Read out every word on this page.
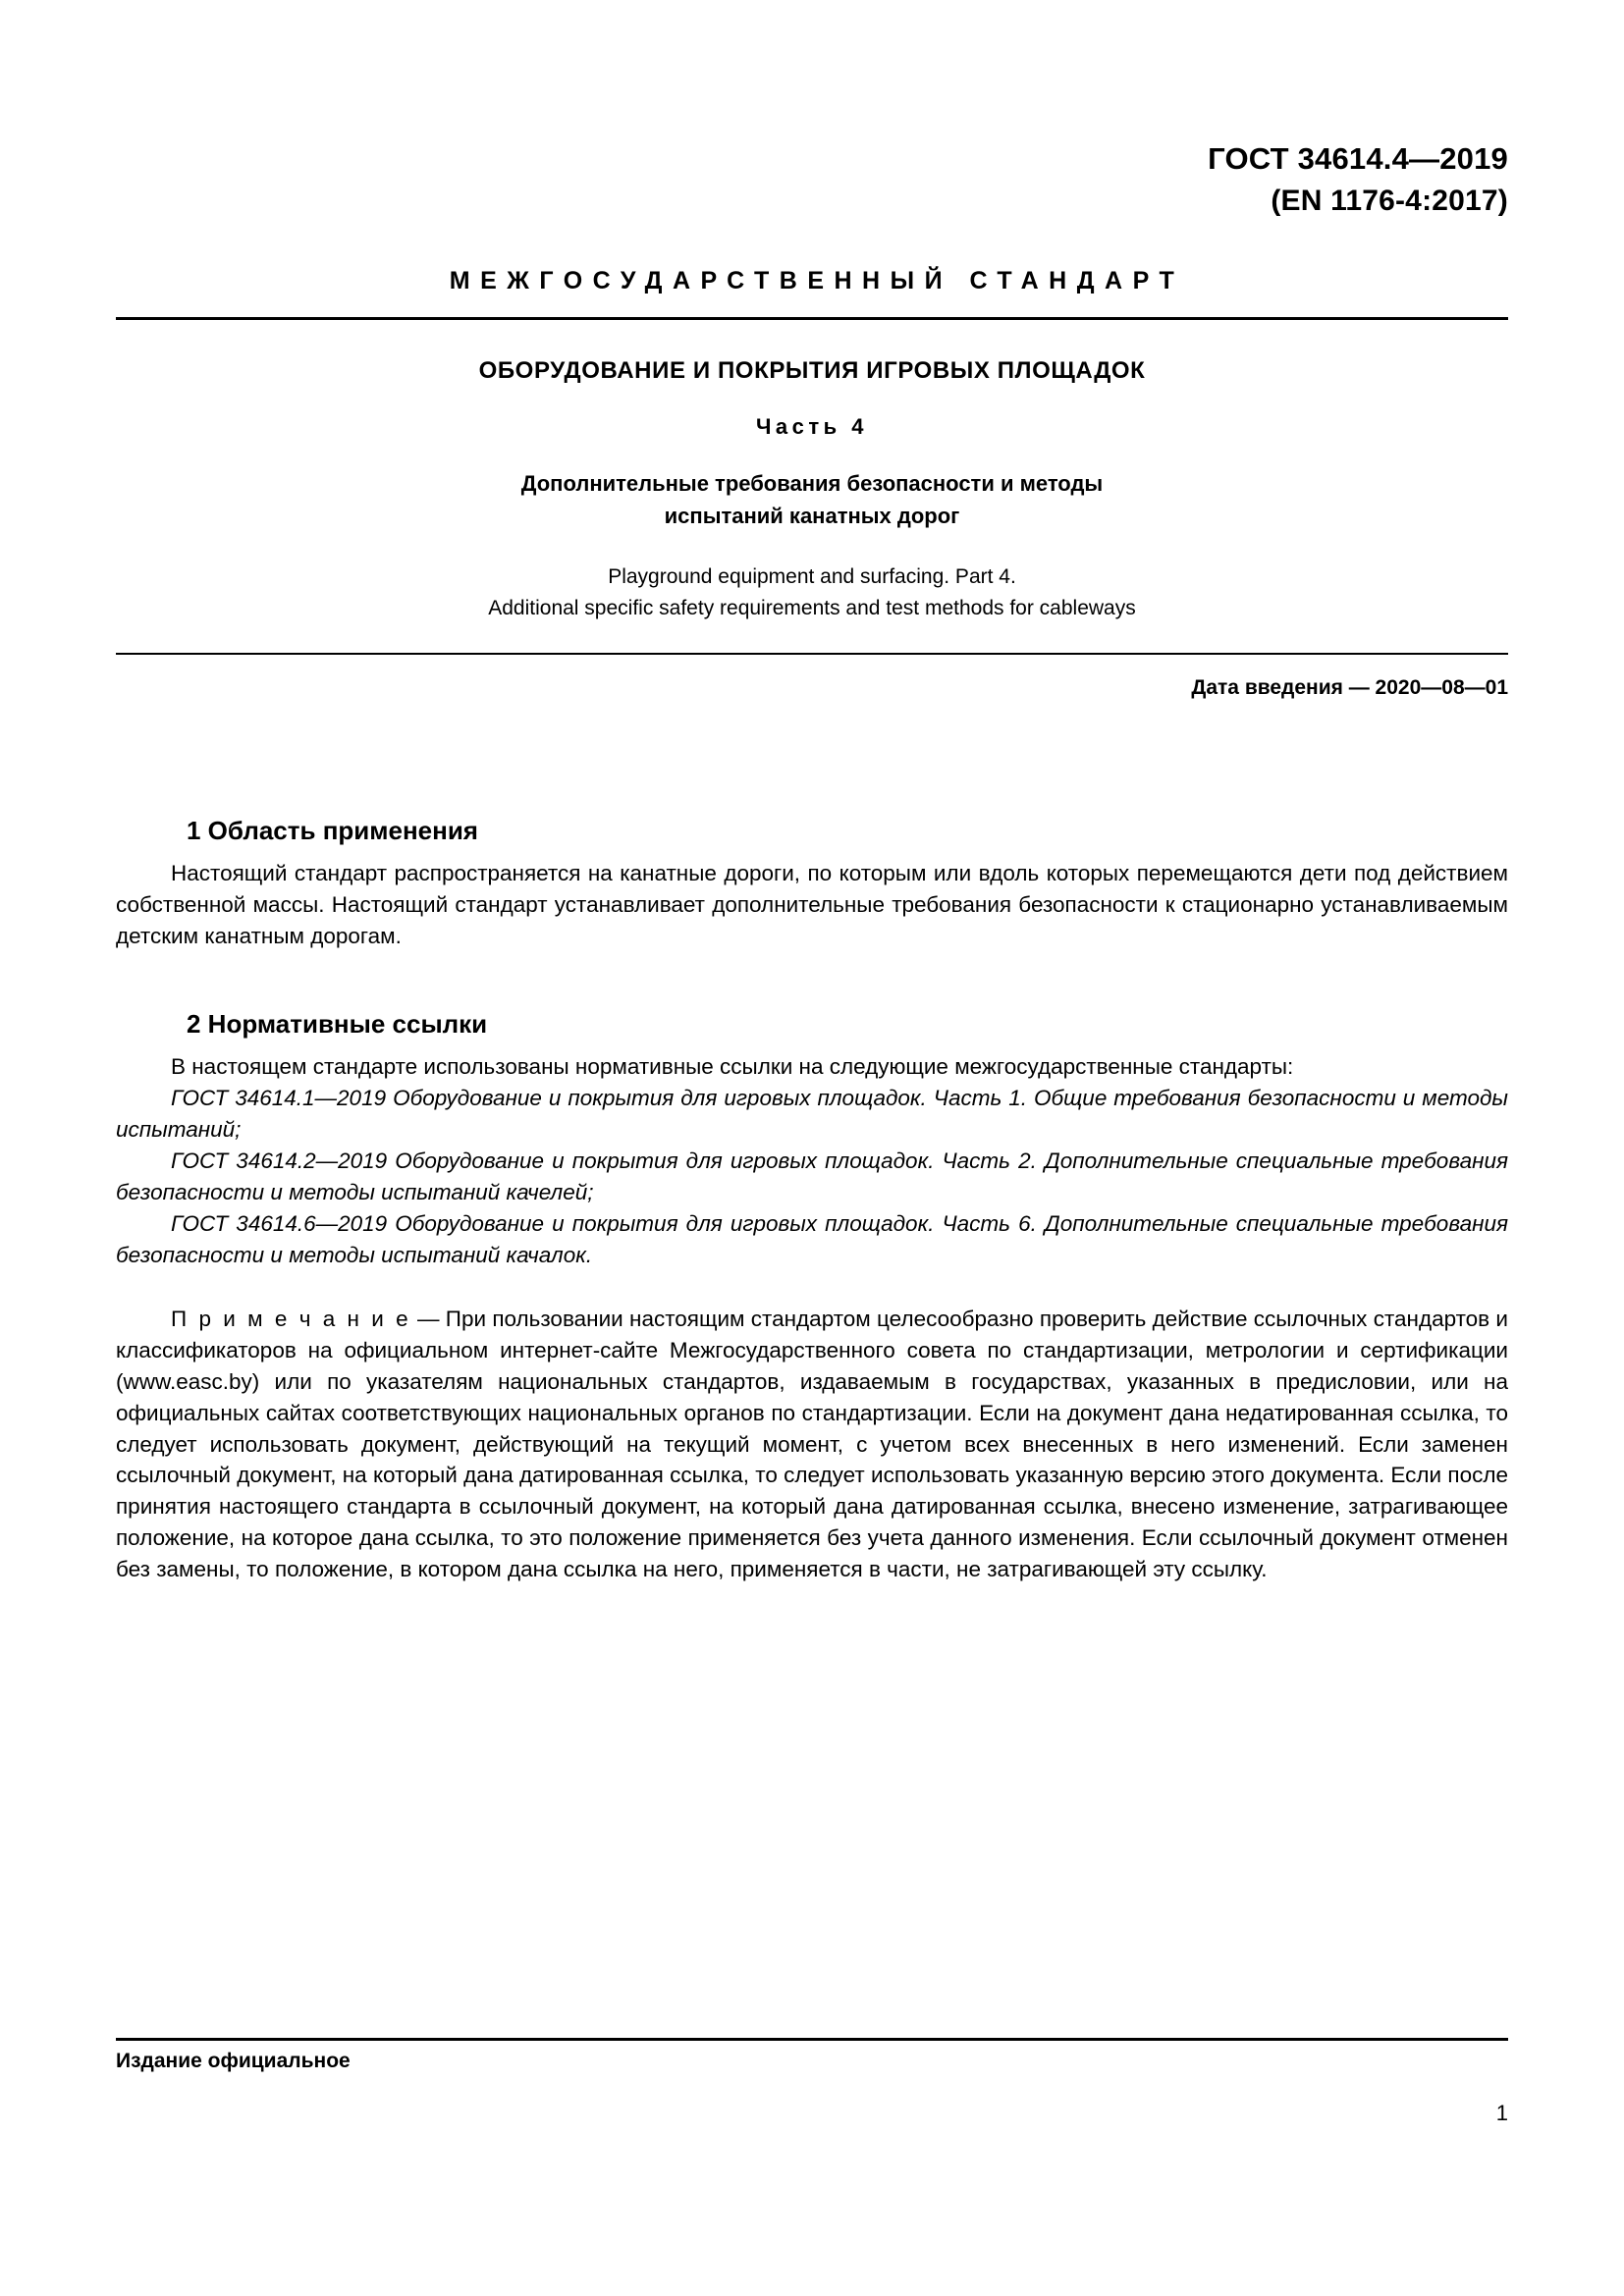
ГОСТ 34614.4—2019
(EN 1176-4:2017)
МЕЖГОСУДАРСТВЕННЫЙ СТАНДАРТ
ОБОРУДОВАНИЕ И ПОКРЫТИЯ ИГРОВЫХ ПЛОЩАДОК
Часть 4
Дополнительные требования безопасности и методы
испытаний канатных дорог
Playground equipment and surfacing. Part 4.
Additional specific safety requirements and test methods for cableways
Дата введения — 2020—08—01
1 Область применения

Настоящий стандарт распространяется на канатные дороги, по которым или вдоль которых перемещаются дети под действием собственной массы. Настоящий стандарт устанавливает дополнительные требования безопасности к стационарно устанавливаемым детским канатным дорогам.

2 Нормативные ссылки

В настоящем стандарте использованы нормативные ссылки на следующие межгосударственные стандарты:

ГОСТ 34614.1—2019 Оборудование и покрытия для игровых площадок. Часть 1. Общие требования безопасности и методы испытаний;

ГОСТ 34614.2—2019 Оборудование и покрытия для игровых площадок. Часть 2. Дополнительные специальные требования безопасности и методы испытаний качелей;

ГОСТ 34614.6—2019 Оборудование и покрытия для игровых площадок. Часть 6. Дополнительные специальные требования безопасности и методы испытаний качалок.

П р и м е ч а н и е — При пользовании настоящим стандартом целесообразно проверить действие ссылочных стандартов и классификаторов на официальном интернет-сайте Межгосударственного совета по стандартизации, метрологии и сертификации (www.easc.by) или по указателям национальных стандартов, издаваемым в государствах, указанных в предисловии, или на официальных сайтах соответствующих национальных органов по стандартизации. Если на документ дана недатированная ссылка, то следует использовать документ, действующий на текущий момент, с учетом всех внесенных в него изменений. Если заменен ссылочный документ, на который дана датированная ссылка, то следует использовать указанную версию этого документа. Если после принятия настоящего стандарта в ссылочный документ, на который дана датированная ссылка, внесено изменение, затрагивающее положение, на которое дана ссылка, то это положение применяется без учета данного изменения. Если ссылочный документ отменен без замены, то положение, в котором дана ссылка на него, применяется в части, не затрагивающей эту ссылку.

Издание официальное
1
